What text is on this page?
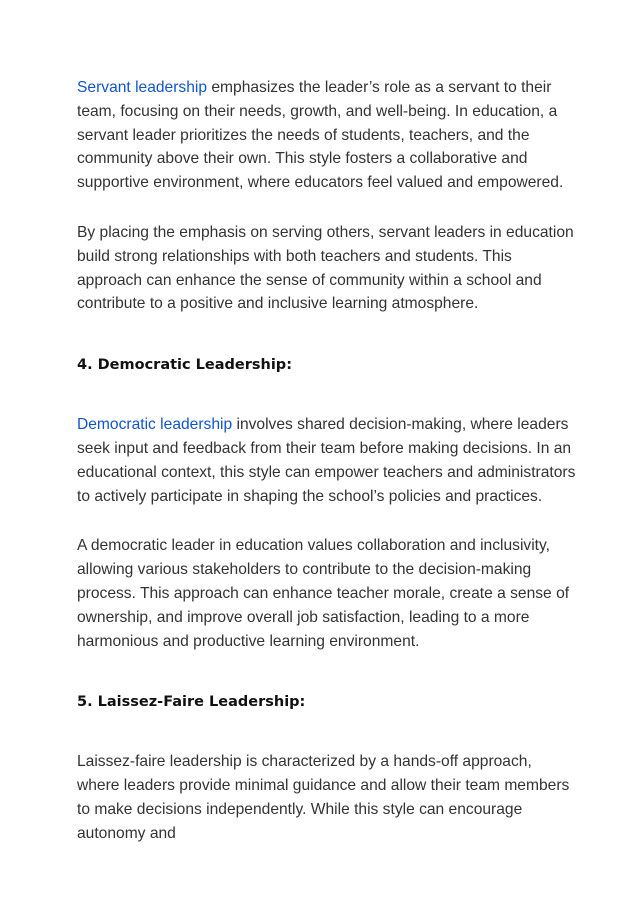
Servant leadership emphasizes the leader’s role as a servant to their team, focusing on their needs, growth, and well-being. In education, a servant leader prioritizes the needs of students, teachers, and the community above their own. This style fosters a collaborative and supportive environment, where educators feel valued and empowered.

By placing the emphasis on serving others, servant leaders in education build strong relationships with both teachers and students. This approach can enhance the sense of community within a school and contribute to a positive and inclusive learning atmosphere.

4. Democratic Leadership:

Democratic leadership involves shared decision-making, where leaders seek input and feedback from their team before making decisions. In an educational context, this style can empower teachers and administrators to actively participate in shaping the school’s policies and practices.

A democratic leader in education values collaboration and inclusivity, allowing various stakeholders to contribute to the decision-making process. This approach can enhance teacher morale, create a sense of ownership, and improve overall job satisfaction, leading to a more harmonious and productive learning environment.

5. Laissez-Faire Leadership:

Laissez-faire leadership is characterized by a hands-off approach, where leaders provide minimal guidance and allow their team members to make decisions independently. While this style can encourage autonomy and
